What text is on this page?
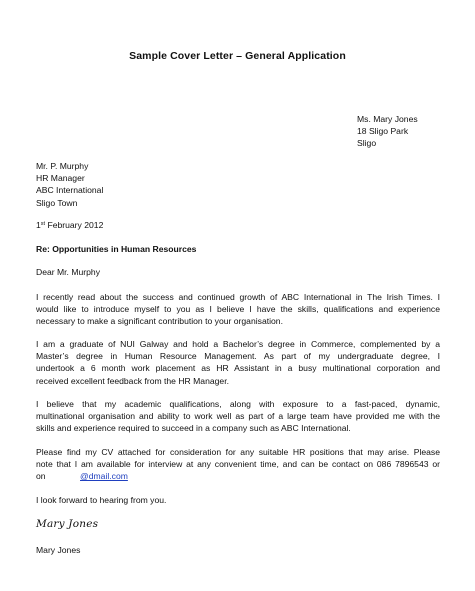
Sample Cover Letter – General Application
Ms. Mary Jones
18 Sligo Park
Sligo
Mr. P. Murphy
HR Manager
ABC International
Sligo Town
1st February 2012
Re: Opportunities in Human Resources
Dear Mr. Murphy
I recently read about the success and continued growth of ABC International in The Irish Times. I
would like to introduce myself to you as I believe I have the skills, qualifications and experience
necessary to make a significant contribution to your organisation.
I am a graduate of NUI Galway and hold a Bachelor’s degree in Commerce, complemented by a
Master’s degree in Human Resource Management. As part of my undergraduate degree, I
undertook a 6 month work placement as HR Assistant in a busy multinational corporation and
received excellent feedback from the HR Manager.
I believe that my academic qualifications, along with exposure to a fast-paced, dynamic,
multinational organisation and ability to work well as part of a large team have provided me with the
skills and experience required to succeed in a company such as ABC International.
Please find my CV attached for consideration for any suitable HR positions that may arise. Please
note that I am available for interview at any convenient time, and can be contact on 086 7896543 or
on	@dmail.com
I look forward to hearing from you.
Mary Jones
Mary Jones
